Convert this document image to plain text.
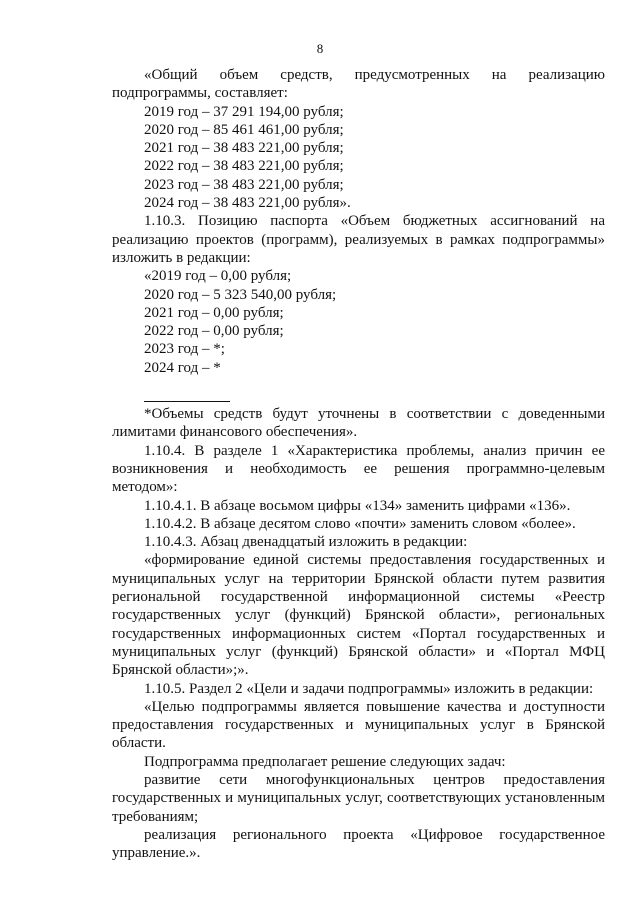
8

«Общий объем средств, предусмотренных на реализацию подпрограммы, составляет:

2019 год – 37 291 194,00 рубля;

2020 год – 85 461 461,00 рубля;

2021 год – 38 483 221,00 рубля;

2022 год – 38 483 221,00 рубля;

2023 год – 38 483 221,00 рубля;

2024 год – 38 483 221,00 рубля».

1.10.3. Позицию паспорта «Объем бюджетных ассигнований на реализацию проектов (программ), реализуемых в рамках подпрограммы» изложить в редакции:

«2019 год – 0,00 рубля;

2020 год – 5 323 540,00 рубля;

2021 год – 0,00 рубля;

2022 год – 0,00 рубля;

2023 год – *;

2024 год – *

*Объемы средств будут уточнены в соответствии с доведенными лимитами финансового обеспечения».

1.10.4. В разделе 1 «Характеристика проблемы, анализ причин ее возникновения и необходимость ее решения программно-целевым методом»:

1.10.4.1. В абзаце восьмом цифры «134» заменить цифрами «136».

1.10.4.2. В абзаце десятом слово «почти» заменить словом «более».

1.10.4.3. Абзац двенадцатый изложить в редакции:

«формирование единой системы предоставления государственных и муниципальных услуг на территории Брянской области путем развития региональной государственной информационной системы «Реестр государственных услуг (функций) Брянской области», региональных государственных информационных систем «Портал государственных и муниципальных услуг (функций) Брянской области» и «Портал МФЦ Брянской области»;».

1.10.5. Раздел 2 «Цели и задачи подпрограммы» изложить в редакции:

«Целью подпрограммы является повышение качества и доступности предоставления государственных и муниципальных услуг в Брянской области.

Подпрограмма предполагает решение следующих задач:

развитие сети многофункциональных центров предоставления государственных и муниципальных услуг, соответствующих установленным требованиям;

реализация регионального проекта «Цифровое государственное управление.».
